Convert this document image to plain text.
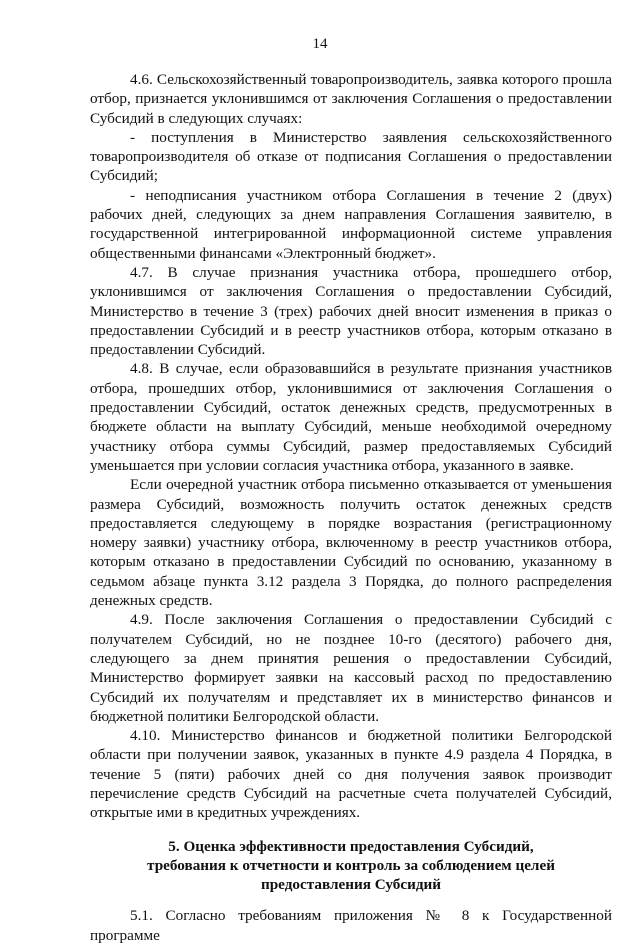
14

4.6. Сельскохозяйственный товаропроизводитель, заявка которого прошла отбор, признается уклонившимся от заключения Соглашения о предоставлении Субсидий в следующих случаях:

- поступления в Министерство заявления сельскохозяйственного товаропроизводителя об отказе от подписания Соглашения о предоставлении Субсидий;

- неподписания участником отбора Соглашения в течение 2 (двух) рабочих дней, следующих за днем направления Соглашения заявителю, в государственной интегрированной информационной системе управления общественными финансами «Электронный бюджет».

4.7. В случае признания участника отбора, прошедшего отбор, уклонившимся от заключения Соглашения о предоставлении Субсидий, Министерство в течение 3 (трех) рабочих дней вносит изменения в приказ о предоставлении Субсидий и в реестр участников отбора, которым отказано в предоставлении Субсидий.

4.8. В случае, если образовавшийся в результате признания участников отбора, прошедших отбор, уклонившимися от заключения Соглашения о предоставлении Субсидий, остаток денежных средств, предусмотренных в бюджете области на выплату Субсидий, меньше необходимой очередному участнику отбора суммы Субсидий, размер предоставляемых Субсидий уменьшается при условии согласия участника отбора, указанного в заявке.

Если очередной участник отбора письменно отказывается от уменьшения размера Субсидий, возможность получить остаток денежных средств предоставляется следующему в порядке возрастания (регистрационному номеру заявки) участнику отбора, включенному в реестр участников отбора, которым отказано в предоставлении Субсидий по основанию, указанному в седьмом абзаце пункта 3.12 раздела 3 Порядка, до полного распределения денежных средств.

4.9. После заключения Соглашения о предоставлении Субсидий с получателем Субсидий, но не позднее 10-го (десятого) рабочего дня, следующего за днем принятия решения о предоставлении Субсидий, Министерство формирует заявки на кассовый расход по предоставлению Субсидий их получателям и представляет их в министерство финансов и бюджетной политики Белгородской области.

4.10. Министерство финансов и бюджетной политики Белгородской области при получении заявок, указанных в пункте 4.9 раздела 4 Порядка, в течение 5 (пяти) рабочих дней со дня получения заявок производит перечисление средств Субсидий на расчетные счета получателей Субсидий, открытые ими в кредитных учреждениях.

5. Оценка эффективности предоставления Субсидий,
требования к отчетности и контроль за соблюдением целей
предоставления Субсидий

5.1. Согласно требованиям приложения № 8 к Государственной программе
